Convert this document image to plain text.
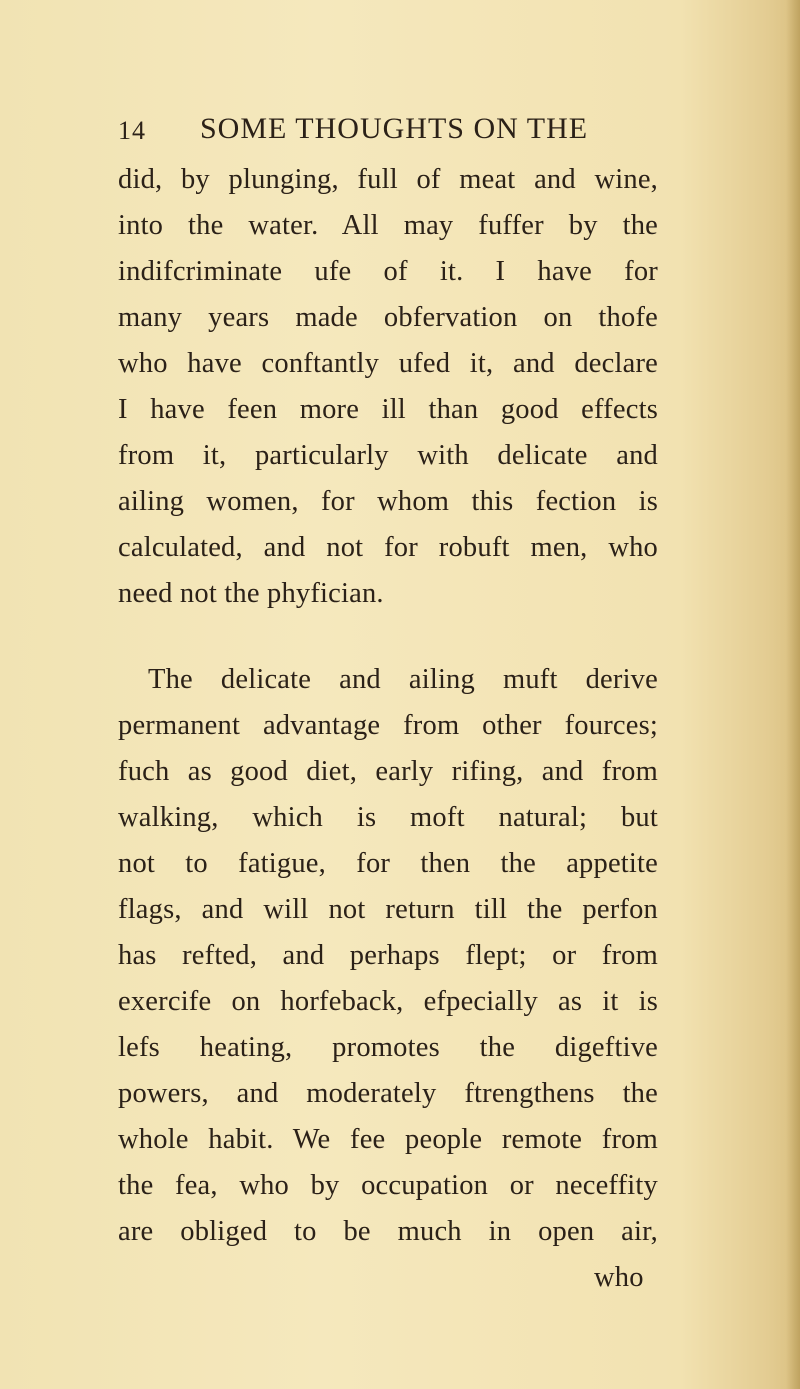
14 SOME THOUGHTS ON THE
did, by plunging, full of meat and wine,
into the water. All may fuffer by the
indifcriminate ufe of it. I have for
many years made obfervation on thofe
who have conftantly ufed it, and declare
I have feen more ill than good effects
from it, particularly with delicate and
ailing women, for whom this fection is
calculated, and not for robuft men, who
need not the phyfician.
The delicate and ailing muft derive
permanent advantage from other fources;
fuch as good diet, early rifing, and from
walking, which is moft natural; but
not to fatigue, for then the appetite
flags, and will not return till the perfon
has refted, and perhaps flept; or from
exercife on horfeback, efpecially as it is
lefs heating, promotes the digeftive
powers, and moderately ftrengthens the
whole habit. We fee people remote from
the fea, who by occupation or neceffity
are obliged to be much in open air,
who
